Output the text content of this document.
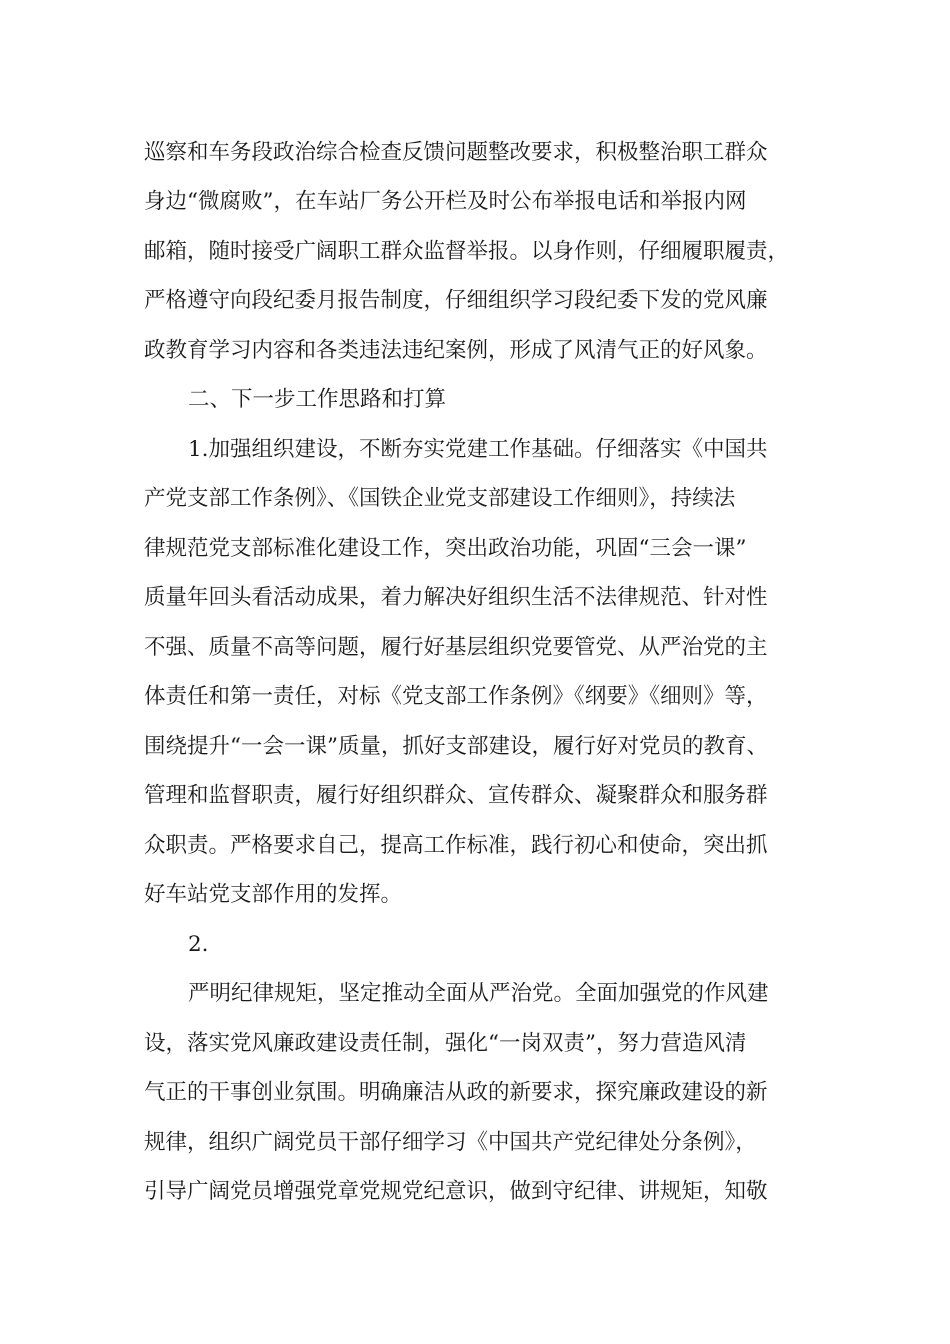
巡察和车务段政治综合检查反馈问题整改要求，积极整治职工群众
身边“微腐败”，在车站厂务公开栏及时公布举报电话和举报内网
邮箱，随时接受广阔职工群众监督举报。以身作则，仔细履职履责，
严格遵守向段纪委月报告制度，仔细组织学习段纪委下发的党风廉
政教育学习内容和各类违法违纪案例，形成了风清气正的好风象。
二、下一步工作思路和打算
1.加强组织建设，不断夯实党建工作基础。仔细落实《中国共
产党支部工作条例》、《国铁企业党支部建设工作细则》，持续法
律规范党支部标准化建设工作，突出政治功能，巩固“三会一课”
质量年回头看活动成果，着力解决好组织生活不法律规范、针对性
不强、质量不高等问题，履行好基层组织党要管党、从严治党的主
体责任和第一责任，对标《党支部工作条例》《纲要》《细则》等，
围绕提升“一会一课”质量，抓好支部建设，履行好对党员的教育、
管理和监督职责，履行好组织群众、宣传群众、凝聚群众和服务群
众职责。严格要求自己，提高工作标准，践行初心和使命，突出抓
好车站党支部作用的发挥。
2.
严明纪律规矩，坚定推动全面从严治党。全面加强党的作风建
设，落实党风廉政建设责任制，强化“一岗双责”，努力营造风清
气正的干事创业氛围。明确廉洁从政的新要求，探究廉政建设的新
规律，组织广阔党员干部仔细学习《中国共产党纪律处分条例》，
引导广阔党员增强党章党规党纪意识，做到守纪律、讲规矩，知敬
